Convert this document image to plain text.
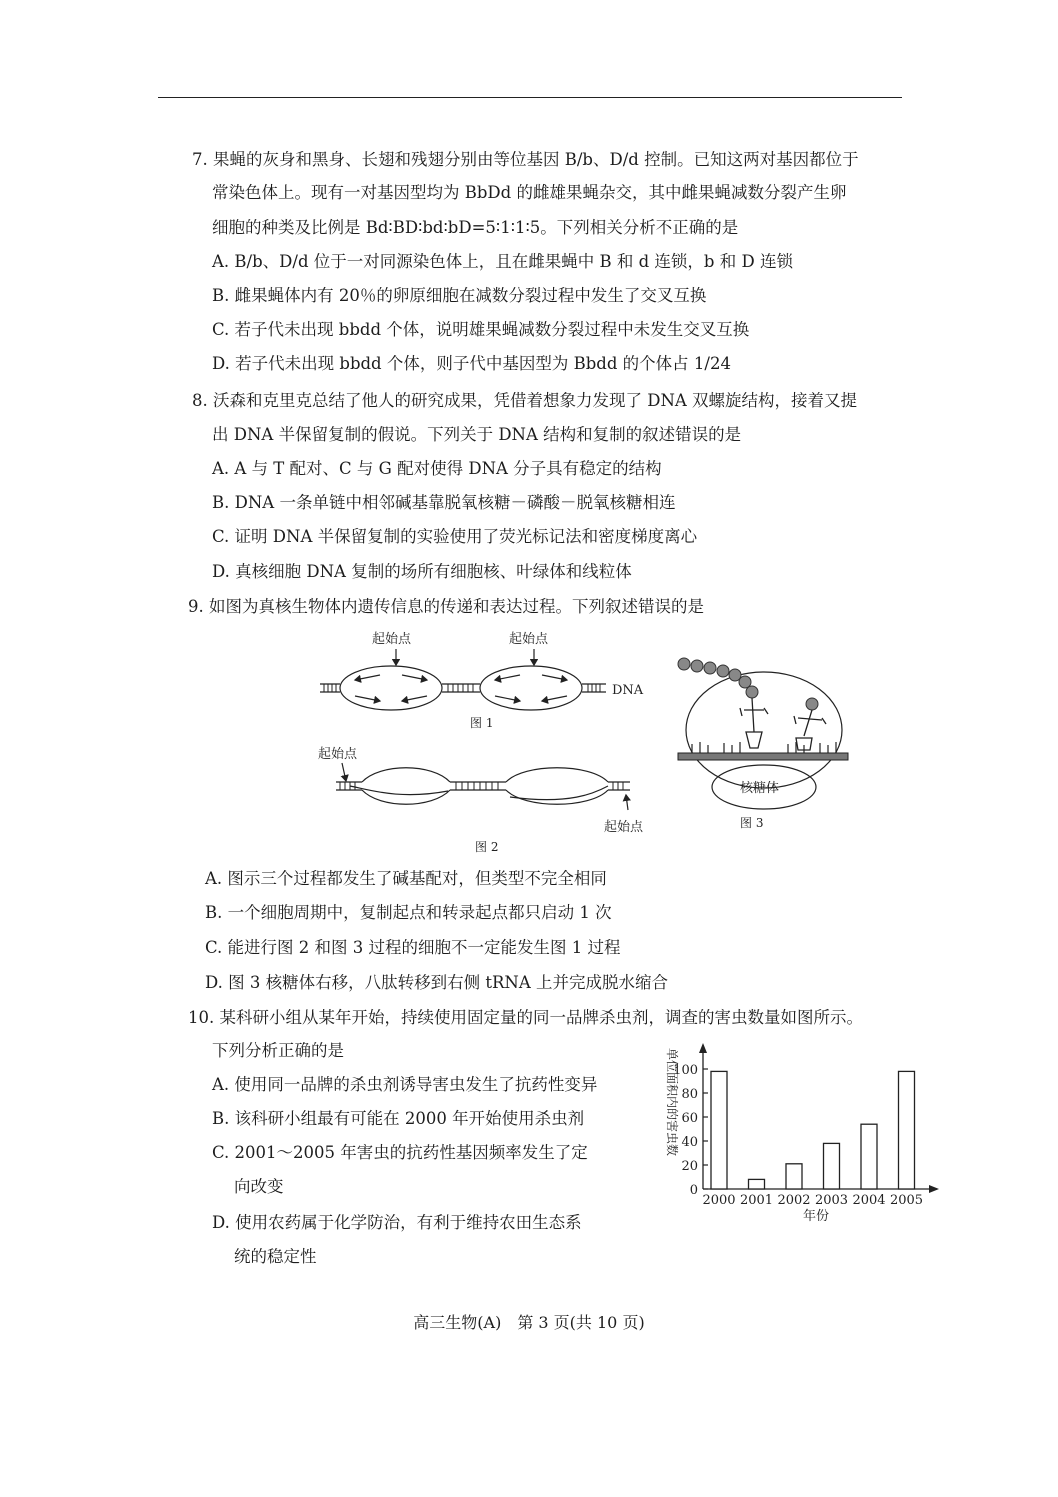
7. 果蝇的灰身和黑身、长翅和残翅分别由等位基因 B/b、D/d 控制。已知这两对基因都位于
常染色体上。现有一对基因型均为 BbDd 的雌雄果蝇杂交，其中雌果蝇减数分裂产生卵
细胞的种类及比例是 Bd∶BD∶bd∶bD=5∶1∶1∶5。下列相关分析不正确的是
A. B/b、D/d 位于一对同源染色体上，且在雌果蝇中 B 和 d 连锁，b 和 D 连锁
B. 雌果蝇体内有 20％的卵原细胞在减数分裂过程中发生了交叉互换
C. 若子代未出现 bbdd 个体，说明雄果蝇减数分裂过程中未发生交叉互换
D. 若子代未出现 bbdd 个体，则子代中基因型为 Bbdd 的个体占 1/24
8. 沃森和克里克总结了他人的研究成果，凭借着想象力发现了 DNA 双螺旋结构，接着又提
出 DNA 半保留复制的假说。下列关于 DNA 结构和复制的叙述错误的是
A. A 与 T 配对、C 与 G 配对使得 DNA 分子具有稳定的结构
B. DNA 一条单链中相邻碱基靠脱氧核糖－磷酸－脱氧核糖相连
C. 证明 DNA 半保留复制的实验使用了荧光标记法和密度梯度离心
D. 真核细胞 DNA 复制的场所有细胞核、叶绿体和线粒体
9. 如图为真核生物体内遗传信息的传递和表达过程。下列叙述错误的是
起始点	起始点
DNA
图 1
起始点
起始点
图 2
核糖体
图 3
A. 图示三个过程都发生了碱基配对，但类型不完全相同
B. 一个细胞周期中，复制起点和转录起点都只启动 1 次
C. 能进行图 2 和图 3 过程的细胞不一定能发生图 1 过程
D. 图 3 核糖体右移，八肽转移到右侧 tRNA 上并完成脱水缩合
10. 某科研小组从某年开始，持续使用固定量的同一品牌杀虫剂，调查的害虫数量如图所示。
下列分析正确的是
A. 使用同一品牌的杀虫剂诱导害虫发生了抗药性变异
B. 该科研小组最有可能在 2000 年开始使用杀虫剂
C. 2001～2005 年害虫的抗药性基因频率发生了定
向改变
D. 使用农药属于化学防治，有利于维持农田生态系
统的稳定性
单位面积内的害虫数
年份
0
20
40
60
80
100
2000 2001 2002 2003 2004 2005
高三生物(A)　第 3 页(共 10 页)
